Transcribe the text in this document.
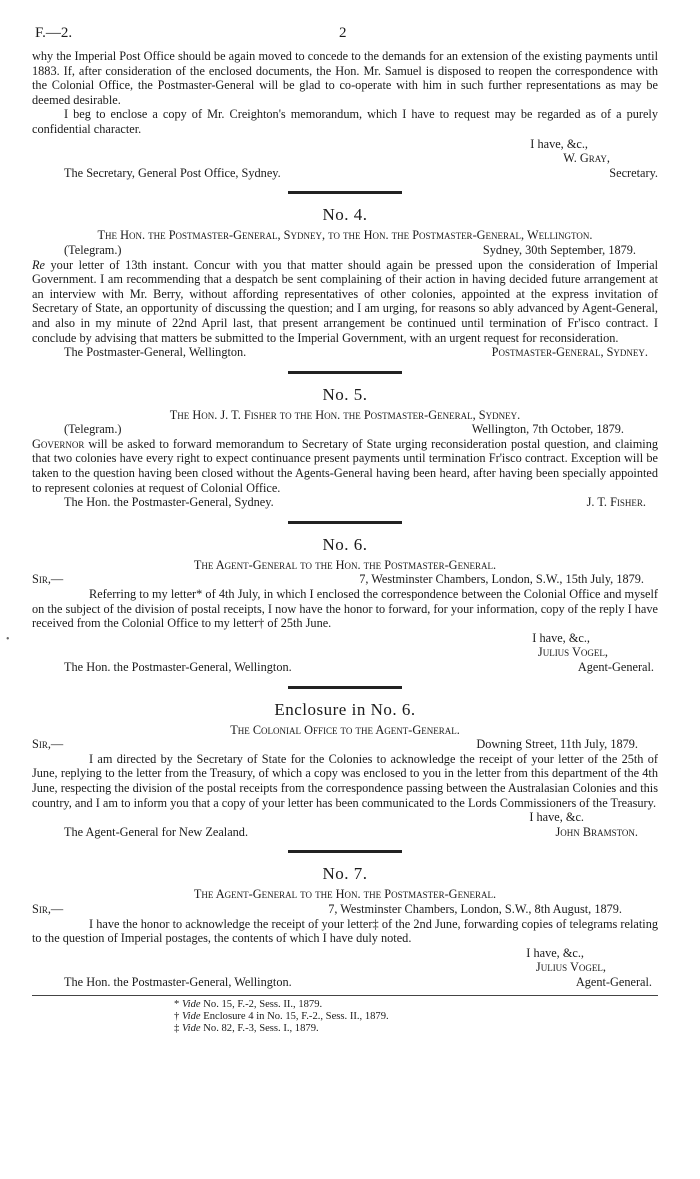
F.—2.	2
•

why the Imperial Post Office should be again moved to concede to the demands for an extension of the existing payments until 1883. If, after consideration of the enclosed documents, the Hon. Mr. Samuel is disposed to reopen the correspondence with the Colonial Office, the Postmaster-General will be glad to co-operate with him in such further representations as may be deemed desirable.

I beg to enclose a copy of Mr. Creighton's memorandum, which I have to request may be regarded as of a purely confidential character.

I have, &c.,
W. Gray,
The Secretary, General Post Office, Sydney.	Secretary.
No. 4.
The Hon. the Postmaster-General, Sydney, to the Hon. the Postmaster-General, Wellington.
(Telegram.)	Sydney, 30th September, 1879.

Re your letter of 13th instant. Concur with you that matter should again be pressed upon the consideration of Imperial Government. I am recommending that a despatch be sent complaining of their action in having decided future arrangement at an interview with Mr. Berry, without affording representatives of other colonies, appointed at the express invitation of Secretary of State, an opportunity of discussing the question; and I am urging, for reasons so ably advanced by Agent-General, and also in my minute of 22nd April last, that present arrangement be continued until termination of Fr'isco contract. I conclude by advising that matters be submitted to the Imperial Government, with an urgent request for reconsideration.

The Postmaster-General, Wellington.	Postmaster-General, Sydney.
No. 5.
The Hon. J. T. Fisher to the Hon. the Postmaster-General, Sydney.
(Telegram.)	Wellington, 7th October, 1879.

Governor will be asked to forward memorandum to Secretary of State urging reconsideration postal question, and claiming that two colonies have every right to expect continuance present payments until termination Fr'isco contract. Exception will be taken to the question having been closed without the Agents-General having been heard, after having been specially appointed to represent colonies at request of Colonial Office.

The Hon. the Postmaster-General, Sydney.	J. T. Fisher.
No. 6.
The Agent-General to the Hon. the Postmaster-General.
Sir,—	7, Westminster Chambers, London, S.W., 15th July, 1879.

Referring to my letter* of 4th July, in which I enclosed the correspondence between the Colonial Office and myself on the subject of the division of postal receipts, I now have the honor to forward, for your information, copy of the reply I have received from the Colonial Office to my letter† of 25th June.

I have, &c.,
Julius Vogel,
The Hon. the Postmaster-General, Wellington.	Agent-General.
Enclosure in No. 6.
The Colonial Office to the Agent-General.
Sir,—	Downing Street, 11th July, 1879.

I am directed by the Secretary of State for the Colonies to acknowledge the receipt of your letter of the 25th of June, replying to the letter from the Treasury, of which a copy was enclosed to you in the letter from this department of the 4th June, respecting the division of the postal receipts from the correspondence passing between the Australasian Colonies and this country, and I am to inform you that a copy of your letter has been communicated to the Lords Commissioners of the Treasury.

I have, &c.
The Agent-General for New Zealand.	John Bramston.
No. 7.
The Agent-General to the Hon. the Postmaster-General.
Sir,—	7, Westminster Chambers, London, S.W., 8th August, 1879.

I have the honor to acknowledge the receipt of your letter‡ of the 2nd June, forwarding copies of telegrams relating to the question of Imperial postages, the contents of which I have duly noted.

I have, &c.,
Julius Vogel,
The Hon. the Postmaster-General, Wellington.	Agent-General.
* Vide No. 15, F.-2, Sess. II., 1879.
† Vide Enclosure 4 in No. 15, F.-2., Sess. II., 1879.
‡ Vide No. 82, F.-3, Sess. I., 1879.
